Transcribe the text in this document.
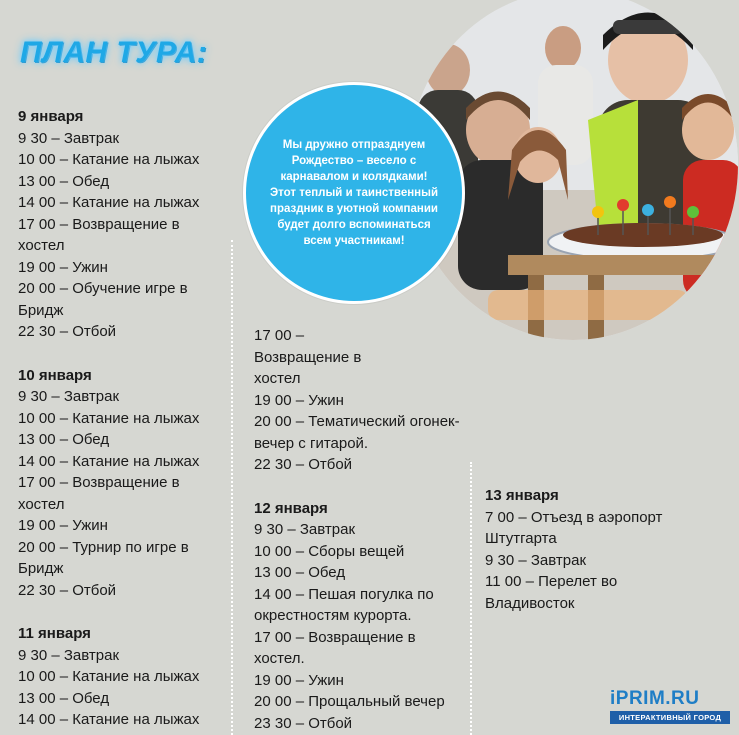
ПЛАН ТУРА:
9 января
9 30 – Завтрак
10 00 – Катание на лыжах
13 00 – Обед
14 00 – Катание на лыжах
17 00 – Возвращение в хостел
19 00 – Ужин
20 00 – Обучение игре в Бридж
22 30 – Отбой
10 января
9 30 – Завтрак
10 00 – Катание на лыжах
13 00 – Обед
14 00 – Катание на лыжах
17 00 – Возвращение в хостел
19 00 – Ужин
20 00 – Турнир по игре в Бридж
22 30 – Отбой
11 января
9 30 – Завтрак
10 00 – Катание на лыжах
13 00 – Обед
14 00 – Катание на лыжах
17 00 – Возвращение в хостел
19 00 – Ужин
20 00 – Тематический огонек-вечер с гитарой.
22 30 – Отбой
12 января
9 30 – Завтрак
10 00 – Сборы вещей
13 00 – Обед
14 00 – Пешая погулка по окрестностям курорта.
17 00 – Возвращение в хостел.
19 00 – Ужин
20 00 – Прощальный вечер
23 30 – Отбой
13 января
7 00 – Отъезд в аэропорт Штутгарта
9 30 – Завтрак
11 00 – Перелет во Владивосток
Мы дружно отпразднуем Рождество – весело с карнавалом и колядками! Этот теплый и таинственный праздник в уютной компании будет долго вспоминаться всем участникам!
iPRIM.RU
ИНТЕРАКТИВНЫЙ ГОРОД
